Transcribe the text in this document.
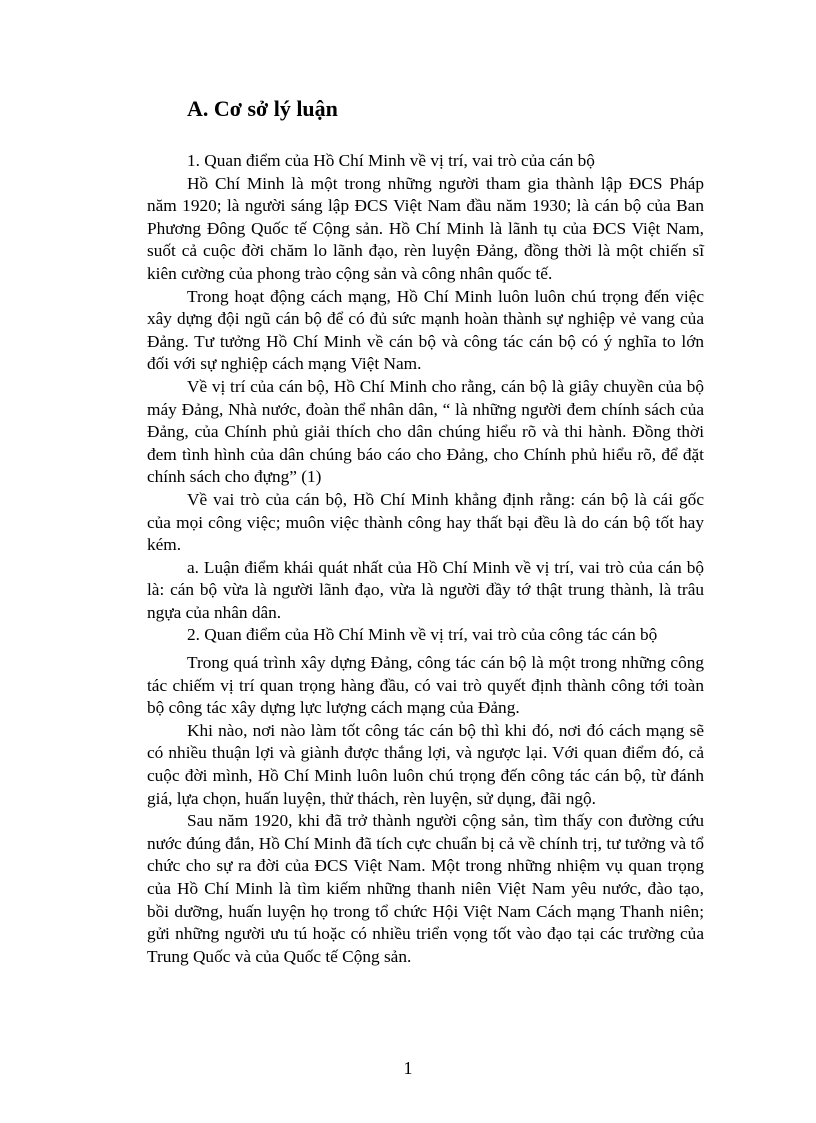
A. Cơ sở lý luận

1. Quan điểm của Hồ Chí Minh về vị trí, vai trò của cán bộ

Hồ Chí Minh là một trong những người tham gia thành lập ĐCS Pháp năm 1920; là người sáng lập ĐCS Việt Nam đầu năm 1930; là cán bộ của Ban Phương Đông Quốc tế Cộng sản. Hồ Chí Minh là lãnh tụ của ĐCS Việt Nam, suốt cả cuộc đời chăm lo lãnh đạo, rèn luyện Đảng, đồng thời là một chiến sĩ kiên cường của phong trào cộng sản và công nhân quốc tế.

Trong hoạt động cách mạng, Hồ Chí Minh luôn luôn chú trọng đến việc xây dựng đội ngũ cán bộ để có đủ sức mạnh hoàn thành sự nghiệp vẻ vang của Đảng. Tư tưởng Hồ Chí Minh về cán bộ và công tác cán bộ có ý nghĩa to lớn đối với sự nghiệp cách mạng Việt Nam.

Về vị trí của cán bộ, Hồ Chí Minh cho rằng, cán bộ là giây chuyền của bộ máy Đảng, Nhà nước, đoàn thể nhân dân, “ là những người đem chính sách của Đảng, của Chính phủ giải thích cho dân chúng hiểu rõ và thi hành. Đồng thời đem tình hình của dân chúng báo cáo cho Đảng, cho Chính phủ hiểu rõ, để đặt chính sách cho đựng” (1)

Về vai trò của cán bộ, Hồ Chí Minh khẳng định rằng: cán bộ là cái gốc của mọi công việc; muôn việc thành công hay thất bại đều là do cán bộ tốt hay kém.

a. Luận điểm khái quát nhất của Hồ Chí Minh về vị trí, vai trò của cán bộ là: cán bộ vừa là người lãnh đạo, vừa là người đầy tớ thật trung thành, là trâu ngựa của nhân dân.

2. Quan điểm của Hồ Chí Minh về vị trí, vai trò của công tác cán bộ

Trong quá trình xây dựng Đảng, công tác cán bộ là một trong những công tác chiếm vị trí quan trọng hàng đầu, có vai trò quyết định thành công tới toàn bộ công tác xây dựng lực lượng cách mạng của Đảng.

Khi nào, nơi nào làm tốt công tác cán bộ thì khi đó, nơi đó cách mạng sẽ có nhiều thuận lợi và giành được thắng lợi, và ngược lại. Với quan điểm đó, cả cuộc đời mình, Hồ Chí Minh luôn luôn chú trọng đến công tác cán bộ, từ đánh giá, lựa chọn, huấn luyện, thử thách, rèn luyện, sử dụng, đãi ngộ.

Sau năm 1920, khi đã trở thành người cộng sản, tìm thấy con đường cứu nước đúng đắn, Hồ Chí Minh đã tích cực chuẩn bị cả về chính trị, tư tưởng và tổ chức cho sự ra đời của ĐCS Việt Nam. Một trong những nhiệm vụ quan trọng của Hồ Chí Minh là tìm kiếm những thanh niên Việt Nam yêu nước, đào tạo, bồi dưỡng, huấn luyện họ trong tổ chức Hội Việt Nam Cách mạng Thanh niên; gửi những người ưu tú hoặc có nhiều triển vọng tốt vào đạo tại các trường của Trung Quốc và của Quốc tế Cộng sản.

1
